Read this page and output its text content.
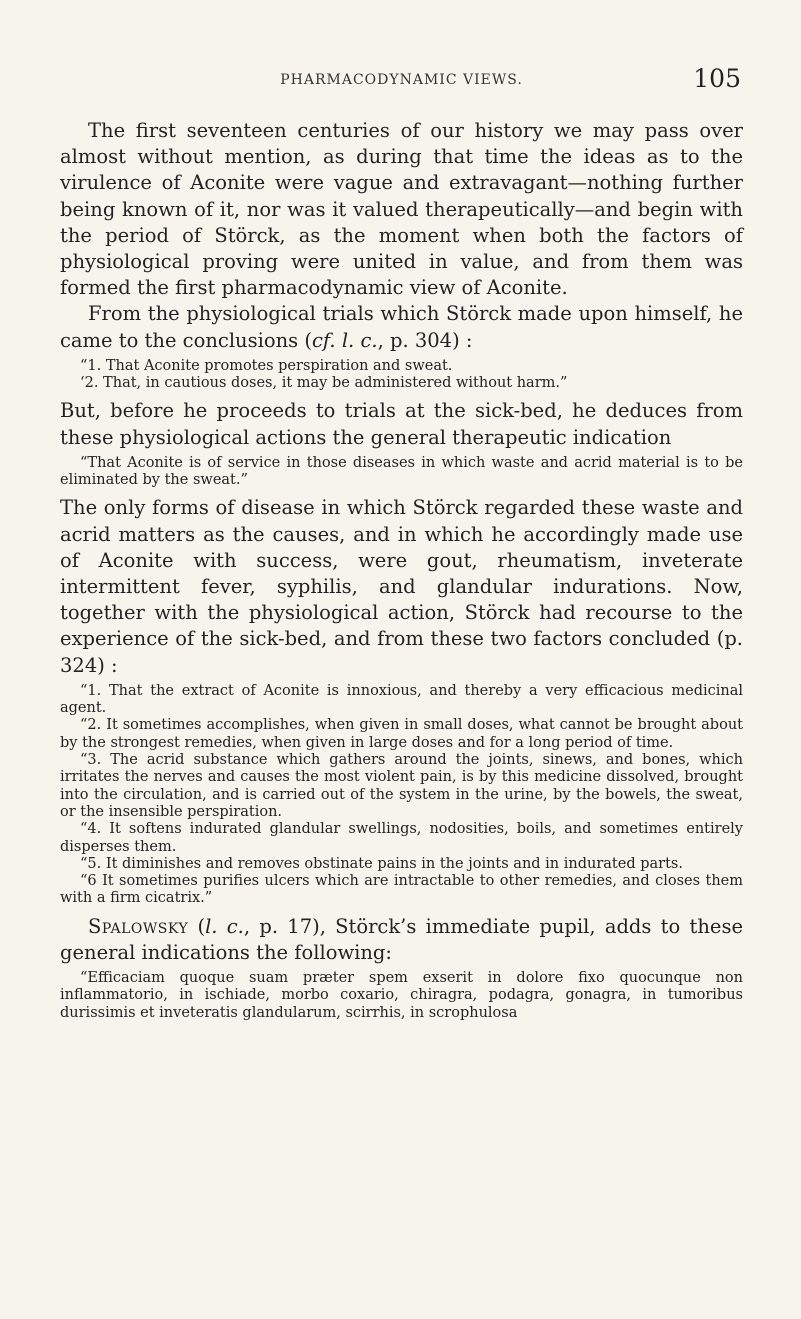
PHARMACODYNAMIC VIEWS.	105

The first seventeen centuries of our history we may pass over almost without mention, as during that time the ideas as to the virulence of Aconite were vague and extravagant—nothing further being known of it, nor was it valued therapeutically—and begin with the period of Störck, as the moment when both the factors of physiological proving were united in value, and from them was formed the first pharmacodynamic view of Aconite.

From the physiological trials which Störck made upon himself, he came to the conclusions (cf. l. c., p. 304) :

“1. That Aconite promotes perspiration and sweat.

‘2. That, in cautious doses, it may be administered without harm.”

But, before he proceeds to trials at the sick-bed, he deduces from these physiological actions the general therapeutic indication

“That Aconite is of service in those diseases in which waste and acrid material is to be eliminated by the sweat.”

The only forms of disease in which Störck regarded these waste and acrid matters as the causes, and in which he accordingly made use of Aconite with success, were gout, rheumatism, inveterate intermittent fever, syphilis, and glandular indurations. Now, together with the physiological action, Störck had recourse to the experience of the sick-bed, and from these two factors concluded (p. 324) :

“1. That the extract of Aconite is innoxious, and thereby a very efficacious medicinal agent.

“2. It sometimes accomplishes, when given in small doses, what cannot be brought about by the strongest remedies, when given in large doses and for a long period of time.

“3. The acrid substance which gathers around the joints, sinews, and bones, which irritates the nerves and causes the most violent pain, is by this medicine dissolved, brought into the circulation, and is carried out of the system in the urine, by the bowels, the sweat, or the insensible perspiration.

“4. It softens indurated glandular swellings, nodosities, boils, and sometimes entirely disperses them.

“5. It diminishes and removes obstinate pains in the joints and in indurated parts.

“6 It sometimes purifies ulcers which are intractable to other remedies, and closes them with a firm cicatrix.”

Spalowsky (l. c., p. 17), Störck’s immediate pupil, adds to these general indications the following:

“Efficaciam quoque suam præter spem exserit in dolore fixo quocunque non inflammatorio, in ischiade, morbo coxario, chiragra, podagra, gonagra, in tumoribus durissimis et inveteratis glandularum, scirrhis, in scrophulosa
